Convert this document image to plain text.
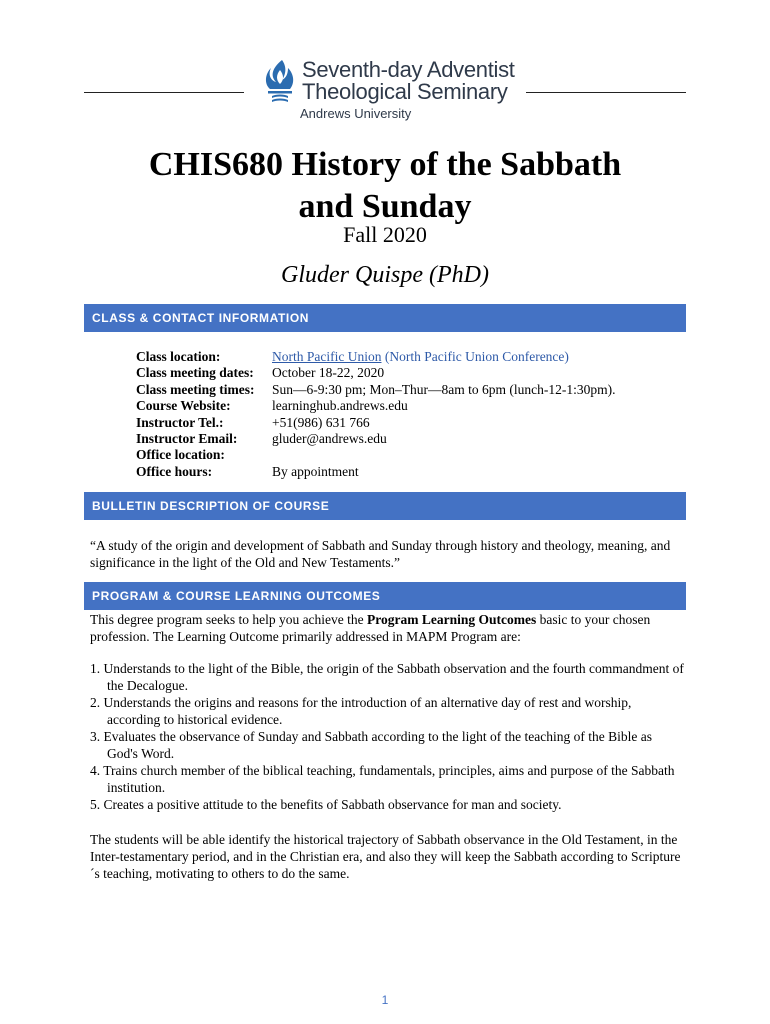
Seventh-day Adventist
Theological Seminary
Andrews University
CHIS680 History of the Sabbath
and Sunday
Fall 2020
Gluder Quispe (PhD)
CLASS & CONTACT INFORMATION
Class location:	North Pacific Union (North Pacific Union Conference)
Class meeting dates:	October 18-22, 2020
Class meeting times:	Sun—6-9:30 pm; Mon–Thur—8am to 6pm (lunch-12-1:30pm).
Course Website:	learninghub.andrews.edu
Instructor Tel.:	+51(986) 631 766
Instructor Email:	gluder@andrews.edu
Office location:
Office hours:	By appointment
BULLETIN DESCRIPTION OF COURSE
“A study of the origin and development of Sabbath and Sunday through history and theology, meaning, and significance in the light of the Old and New Testaments.”
PROGRAM & COURSE LEARNING OUTCOMES
This degree program seeks to help you achieve the Program Learning Outcomes basic to your chosen profession. The Learning Outcome primarily addressed in MAPM Program are:
1. Understands to the light of the Bible, the origin of the Sabbath observation and the fourth commandment of the Decalogue.
2. Understands the origins and reasons for the introduction of an alternative day of rest and worship, according to historical evidence.
3. Evaluates the observance of Sunday and Sabbath according to the light of the teaching of the Bible as God's Word.
4. Trains church member of the biblical teaching, fundamentals, principles, aims and purpose of the Sabbath institution.
5. Creates a positive attitude to the benefits of Sabbath observance for man and society.
The students will be able identify the historical trajectory of Sabbath observance in the Old Testament, in the Inter-testamentary period, and in the Christian era, and also they will keep the Sabbath according to Scripture´s teaching, motivating to others to do the same.
1
